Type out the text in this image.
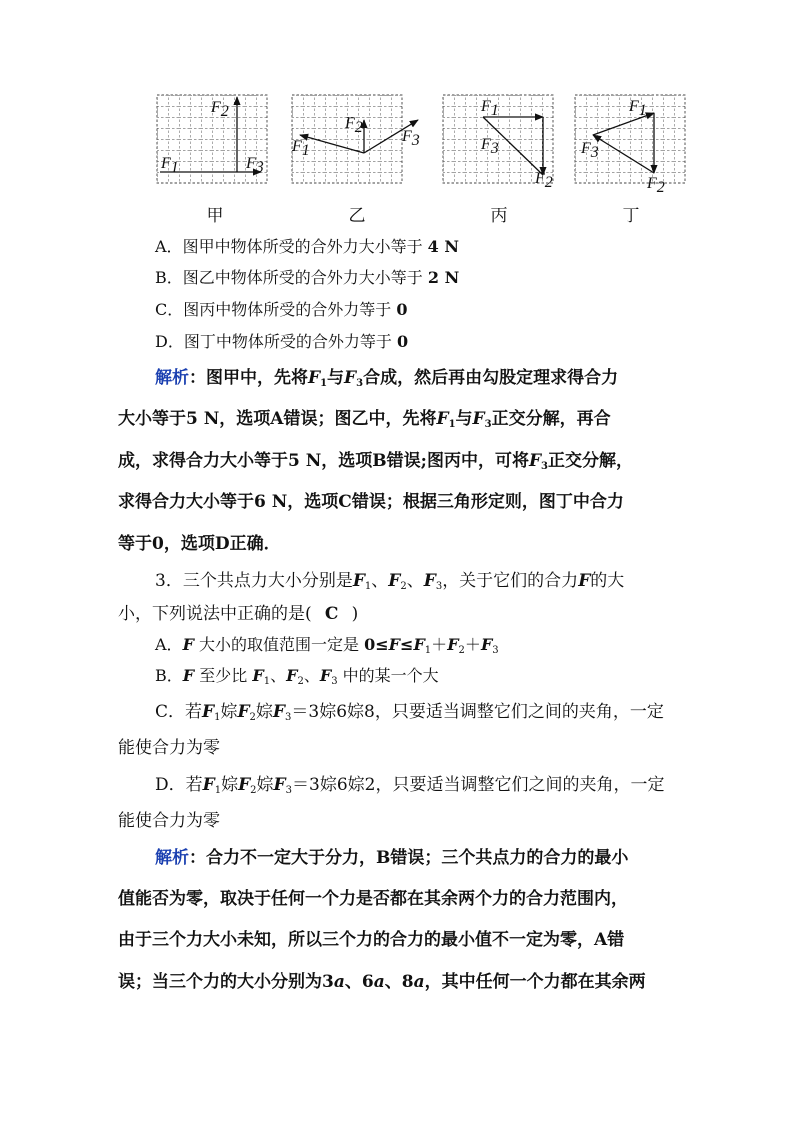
F2
F1	F3
甲
F2
F1
F3
乙
F1
F3
F2
丙
F1
F3
F2
丁
A．图甲中物体所受的合外力大小等于 4 N
B．图乙中物体所受的合外力大小等于 2 N
C．图丙中物体所受的合外力等于 0
D．图丁中物体所受的合外力等于 0
解析：图甲中，先将$F_1$与$F_3$合成，然后再由勾股定理求得合力
大小等于5 N，选项A错误；图乙中，先将$F_1$与$F_3$正交分解，再合
成，求得合力大小等于5 N，选项B错误;图丙中，可将$F_3$正交分解，
求得合力大小等于6 N，选项C错误；根据三角形定则，图丁中合力
等于0，选项D正确．
3．三个共点力大小分别是$F_1$、$F_2$、$F_3$，关于它们的合力F的大
小，下列说法中正确的是( C )
A．F 大小的取值范围一定是 $0\le F\le F_1+F_2+F_3$
B．F 至少比 $F_1$、$F_2$、$F_3$ 中的某一个大
C．若$F_1$婃$F_2$婃$F_3=3$婃6婃8，只要适当调整它们之间的夹角，一定
能使合力为零
D．若$F_1$婃$F_2$婃$F_3=3$婃6婃2，只要适当调整它们之间的夹角，一定
能使合力为零
解析：合力不一定大于分力，B错误；三个共点力的合力的最小
值能否为零，取决于任何一个力是否都在其余两个力的合力范围内，
由于三个力大小未知，所以三个力的合力的最小值不一定为零，A错
误；当三个力的大小分别为3a、6a、8a，其中任何一个力都在其余两
